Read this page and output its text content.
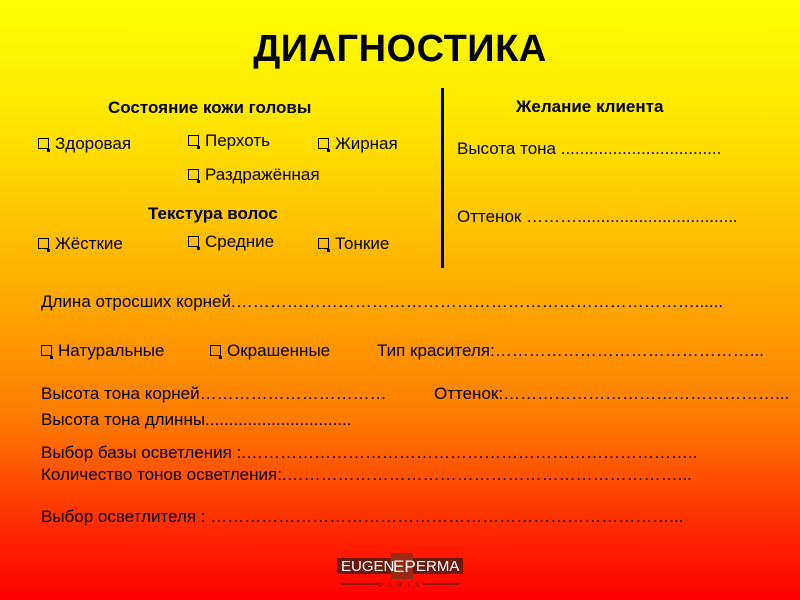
ДИАГНОСТИКА
Состояние кожи головы
Здоровая	Перхоть	Жирная
Раздражённая
Текстура волос
Жёсткие	Средние	Тонкие
Желание клиента
Высота тона ..................................
Оттенок ………..................................
Длина отросших корней.………………………………………………………………………......
Натуральные	Окрашенные	Тип красителя:………………………………………...
Высота тона корней……………………………	Оттенок:…………………………………………...
Высота тона длинны...............................
Выбор базы осветления :.……………………………………………………………………..
Количество тонов осветления:.……………………………………………………………...
Выбор осветлителя : ………………………………………………………………………...
EUGEN
EP ERMA
P A R I S
